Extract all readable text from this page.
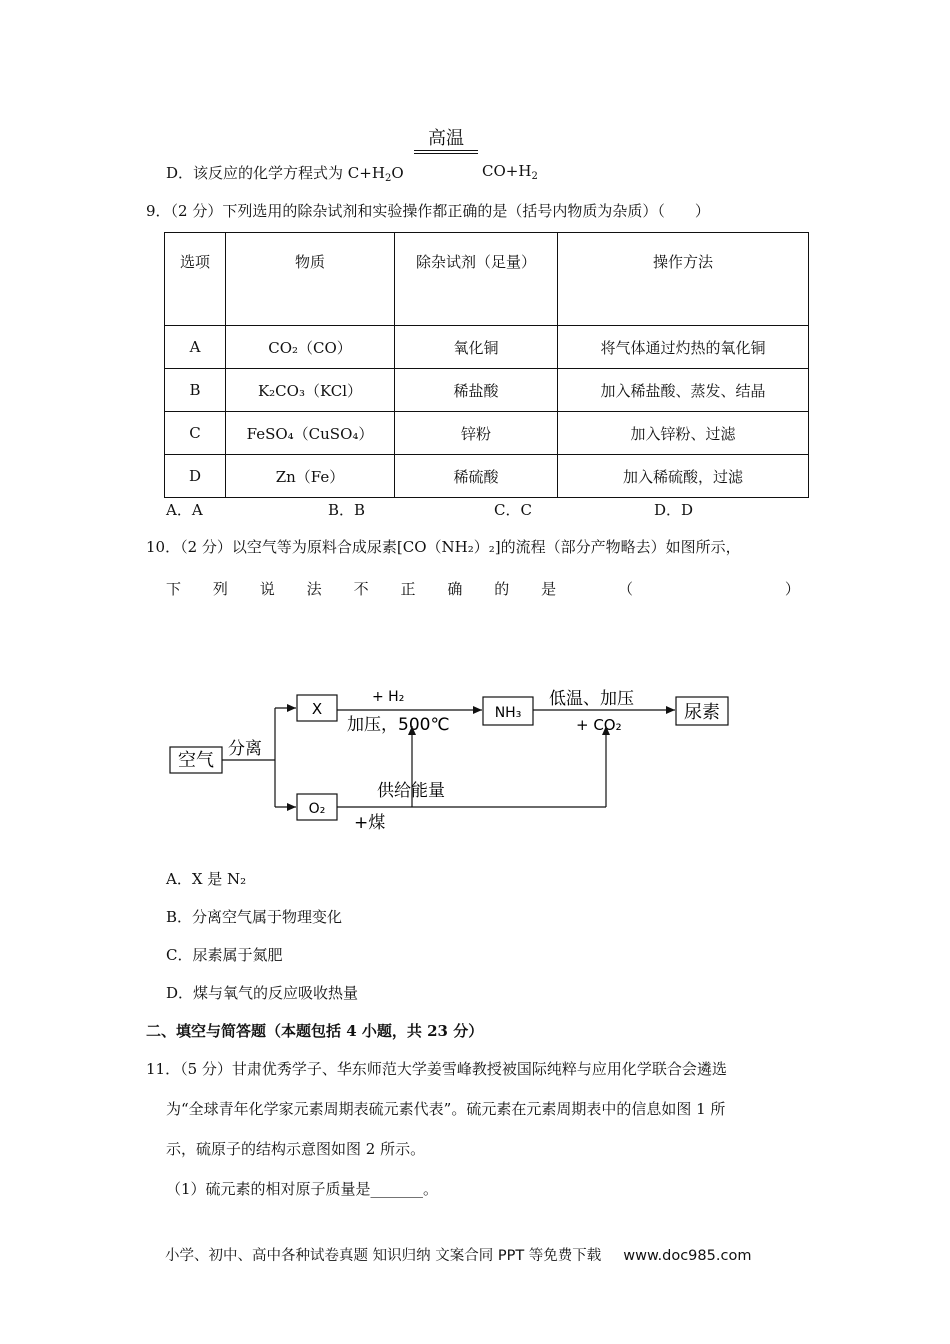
高温
D．该反应的化学方程式为 $C+H_2O$	$CO+H_2$
9．（2 分）下列选用的除杂试剂和实验操作都正确的是（括号内物质为杂质）（　　）
选项	物质	除杂试剂（足量）	操作方法
A	CO₂（CO）	氧化铜	将气体通过灼热的氧化铜
B	K₂CO₃（KCl）	稀盐酸	加入稀盐酸、蒸发、结晶
C	FeSO₄（CuSO₄）	锌粉	加入锌粉、过滤
D	Zn（Fe）	稀硫酸	加入稀硫酸，过滤
A．A	B．B	C．C	D．D
10．（2 分）以空气等为原料合成尿素[CO（NH₂）₂]的流程（部分产物略去）如图所示，
下 列 说 法 不 正 确 的 是	（	）
空气
X
O₂
NH₃	尿素
分离
+ H₂
加压，500℃
低温、加压
+ CO₂
供给能量
+煤
A．X 是 N₂
B．分离空气属于物理变化
C．尿素属于氮肥
D．煤与氧气的反应吸收热量
二、填空与简答题（本题包括 4 小题，共 23 分）
11．（5 分）甘肃优秀学子、华东师范大学姜雪峰教授被国际纯粹与应用化学联合会遴选
为“全球青年化学家元素周期表硫元素代表”。硫元素在元素周期表中的信息如图 1 所
示，硫原子的结构示意图如图 2 所示。
（1）硫元素的相对原子质量是_______。
小学、初中、高中各种试卷真题 知识归纳 文案合同 PPT 等免费下载 www.doc985.com
